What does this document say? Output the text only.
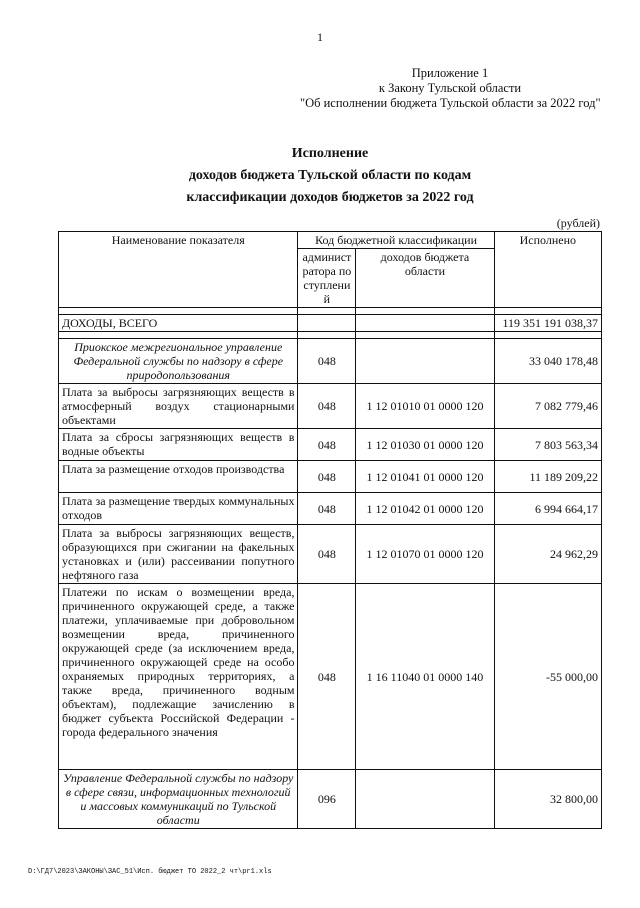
1
Приложение 1
к Закону Тульской области
"Об исполнении бюджета Тульской области за 2022 год"
Исполнение
доходов бюджета Тульской области по кодам
классификации доходов бюджетов за 2022 год
(рублей)
Наименование показателя	Код бюджетной классификации		Исполнено
	администратора поступлений	доходов бюджета области	

ДОХОДЫ, ВСЕГО			119 351 191 038,37

Приокское межрегиональное управление Федеральной службы по надзору в сфере природопользования	048		33 040 178,48
Плата за выбросы загрязняющих веществ в атмосферный воздух стационарными объектами	048	1 12 01010 01 0000 120	7 082 779,46
Плата за сбросы загрязняющих веществ в водные объекты	048	1 12 01030 01 0000 120	7 803 563,34
Плата за размещение отходов производства	048	1 12 01041 01 0000 120	11 189 209,22
Плата за размещение твердых коммунальных отходов	048	1 12 01042 01 0000 120	6 994 664,17
Плата за выбросы загрязняющих веществ, образующихся при сжигании на факельных установках и (или) рассеивании попутного нефтяного газа	048	1 12 01070 01 0000 120	24 962,29
Платежи по искам о возмещении вреда, причиненного окружающей среде, а также платежи, уплачиваемые при добровольном возмещении вреда, причиненного окружающей среде (за исключением вреда, причиненного окружающей среде на особо охраняемых природных территориях, а также вреда, причиненного водным объектам), подлежащие зачислению в бюджет субъекта Российской Федерации - города федерального значения	048	1 16 11040 01 0000 140	-55 000,00
Управление Федеральной службы по надзору в сфере связи, информационных технологий и массовых коммуникаций по Тульской области	096		32 800,00
D:\ГД7\2023\ЗАКОНЫ\ЗАС_51\Исп. бюджет ТО 2022_2 чт\pr1.xls
